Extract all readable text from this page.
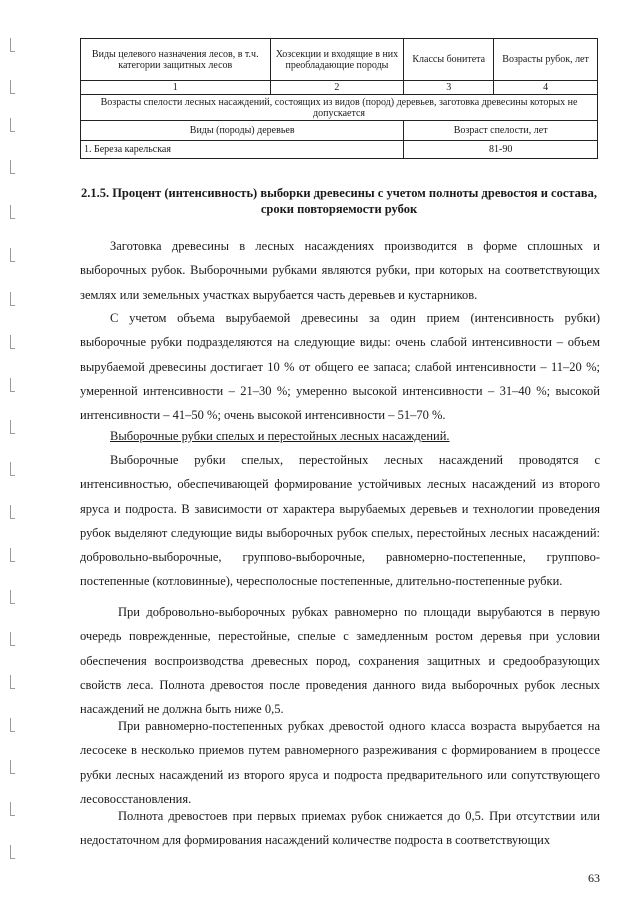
Виды целевого назначения лесов, в т.ч. категории защитных лесов	Хозсекции и входящие в них преобладающие породы	Классы бонитета	Возрасты рубок, лет
1	2	3	4
Возрасты спелости лесных насаждений, состоящих из видов (пород) деревьев, заготовка древесины которых не допускается			
Виды (породы) деревьев		Возраст спелости, лет	
1. Береза карельская		81-90	
2.1.5. Процент (интенсивность) выборки древесины с учетом полноты древостоя и состава, сроки повторяемости рубок

Заготовка древесины в лесных насаждениях производится в форме сплошных и выборочных рубок. Выборочными рубками являются рубки, при которых на соответствующих землях или земельных участках вырубается часть деревьев и кустарников.

С учетом объема вырубаемой древесины за один прием (интенсивность рубки) выборочные рубки подразделяются на следующие виды: очень слабой интенсивности – объем вырубаемой древесины достигает 10 % от общего ее запаса; слабой интенсивности – 11–20 %; умеренной интенсивности – 21–30 %; умеренно высокой интенсивности – 31–40 %; высокой интенсивности – 41–50 %; очень высокой интенсивности – 51–70 %.

Выборочные рубки спелых и перестойных лесных насаждений.

Выборочные рубки спелых, перестойных лесных насаждений проводятся с интенсивностью, обеспечивающей формирование устойчивых лесных насаждений из второго яруса и подроста. В зависимости от характера вырубаемых деревьев и технологии проведения рубок выделяют следующие виды выборочных рубок спелых, перестойных лесных насаждений: добровольно-выборочные, группово-выборочные, равномерно-постепенные, группово-постепенные (котловинные), чересполосные постепенные, длительно-постепенные рубки.

При добровольно-выборочных рубках равномерно по площади вырубаются в первую очередь поврежденные, перестойные, спелые с замедленным ростом деревья при условии обеспечения воспроизводства древесных пород, сохранения защитных и средообразующих свойств леса. Полнота древостоя после проведения данного вида выборочных рубок лесных насаждений не должна быть ниже 0,5.

При равномерно-постепенных рубках древостой одного класса возраста вырубается на лесосеке в несколько приемов путем равномерного разреживания с формированием в процессе рубки лесных насаждений из второго яруса и подроста предварительного или сопутствующего лесовосстановления.

Полнота древостоев при первых приемах рубок снижается до 0,5. При отсутствии или недостаточном для формирования насаждений количестве подроста в соответствующих

63
